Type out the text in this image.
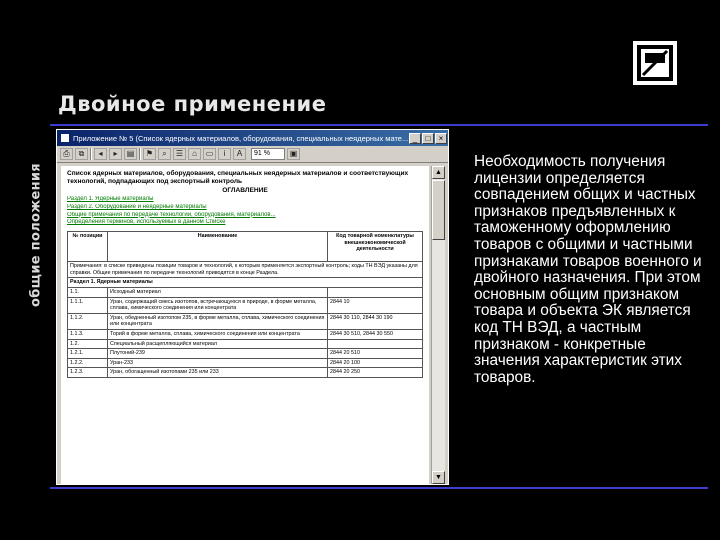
общие положения
Двойное применение
Приложение № 5 (Список ядерных материалов, оборудования, специальных неядерных мате... _	□	×
⎙	⧉	◂	▸	▤	⚑	⌕	☰	⌂	▭	i	A	91 %	▣
Список ядерных материалов, оборудования, специальных неядерных материалов и соответствующих технологий, подпадающих под экспортный контроль
ОГЛАВЛЕНИЕ
Раздел 1. Ядерные материалы
Раздел 2. Оборудование и неядерные материалы
Общие примечания по передаче технологий, оборудования, материалов...
Определения терминов, используемых в данном Списке
№ позиции	Наименование	Код товарной номенклатуры внешнеэкономической деятельности
Примечания: в списке приведены позиции товаров и технологий, к которым применяется экспортный контроль; коды ТН ВЭД указаны для справки. Общие примечания по передаче технологий приводятся в конце Раздела.		
Раздел 1. Ядерные материалы		
1.1.	Исходный материал	
1.1.1.	Уран, содержащий смесь изотопов, встречающуюся в природе, в форме металла, сплава, химического соединения или концентрата	2844 10
1.1.2.	Уран, обедненный изотопом 235, в форме металла, сплава, химического соединения или концентрата	2844 30 110, 2844 30 190
1.1.3.	Торий в форме металла, сплава, химического соединения или концентрата	2844 30 510, 2844 30 550
1.2.	Специальный расщепляющийся материал	
1.2.1.	Плутоний-239	2844 20 510
1.2.2.	Уран-233	2844 20 100
1.2.3.	Уран, обогащенный изотопами 235 или 233	2844 20 250
▲
▼
Необходимость получения лицензии определяется совпадением общих и частных признаков предъявленных к таможенному оформлению товаров с общими и частными признаками товаров военного и двойного назначения. При этом основным общим признаком товара и объекта ЭК является код ТН ВЭД, а частным признаком - конкретные значения характеристик этих товаров.
